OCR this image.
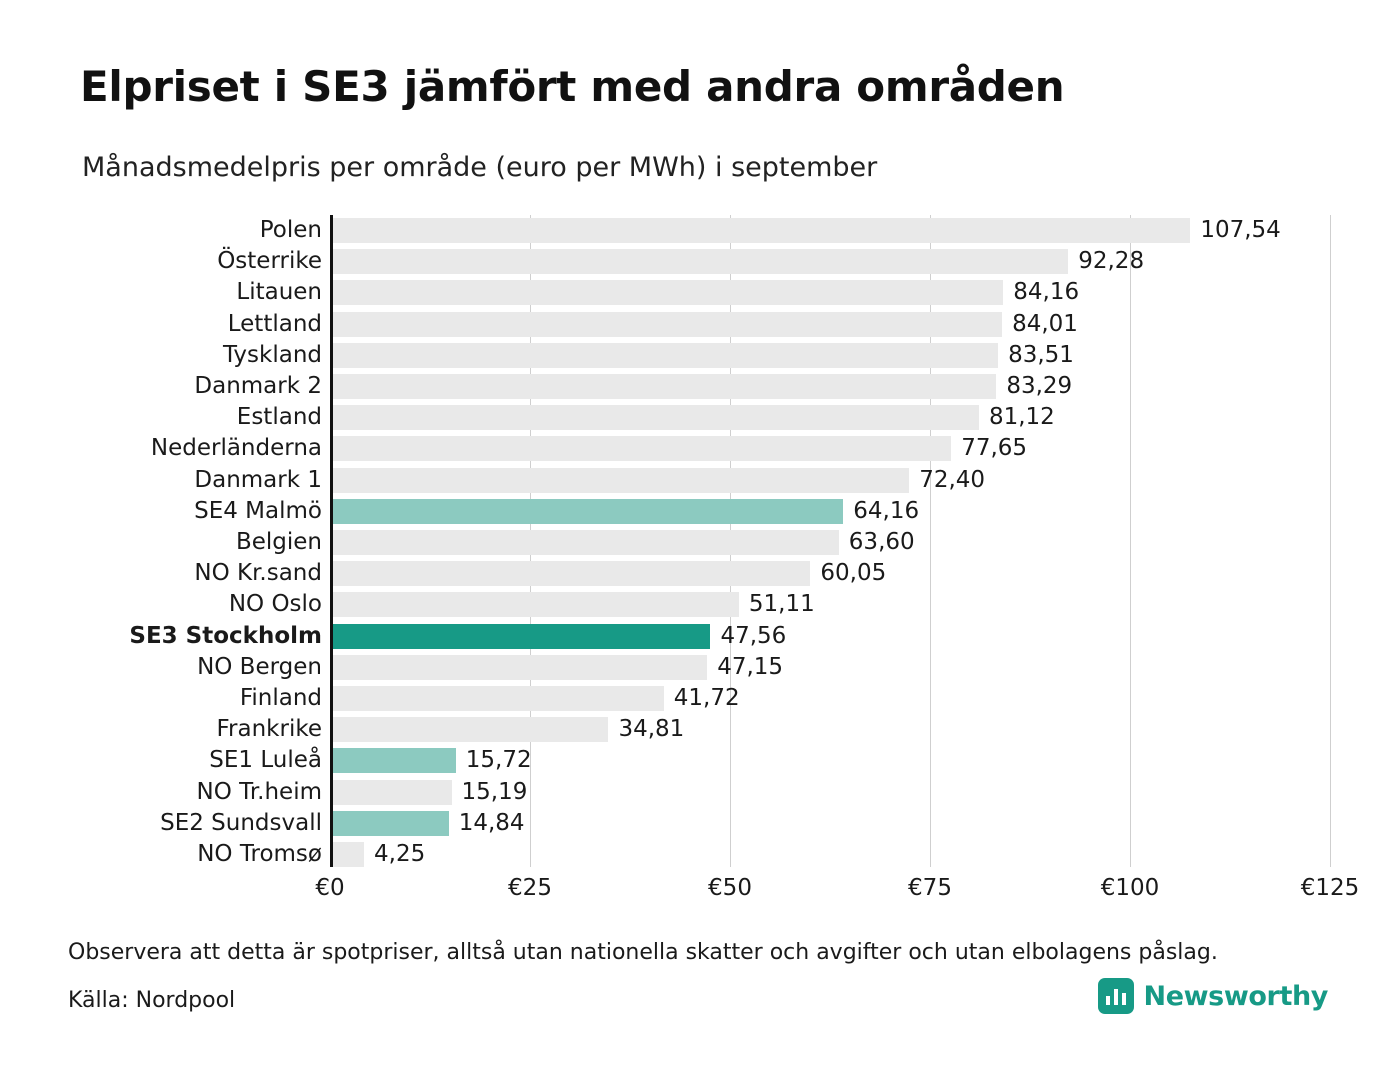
Elpriset i SE3 jämfört med andra områden
Månadsmedelpris per område (euro per MWh) i september
€0	€25	€50	€75	€100	€125
Polen	107,54
Österrike	92,28
Litauen	84,16
Lettland	84,01
Tyskland	83,51
Danmark 2	83,29
Estland	81,12
Nederländerna	77,65
Danmark 1	72,40
SE4 Malmö	64,16
Belgien	63,60
NO Kr.sand	60,05
NO Oslo	51,11
SE3 Stockholm	47,56
NO Bergen	47,15
Finland	41,72
Frankrike	34,81
SE1 Luleå	15,72
NO Tr.heim	15,19
SE2 Sundsvall	14,84
NO Tromsø	4,25
Observera att detta är spotpriser, alltså utan nationella skatter och avgifter och utan elbolagens påslag.
Källa: Nordpool	Newsworthy
